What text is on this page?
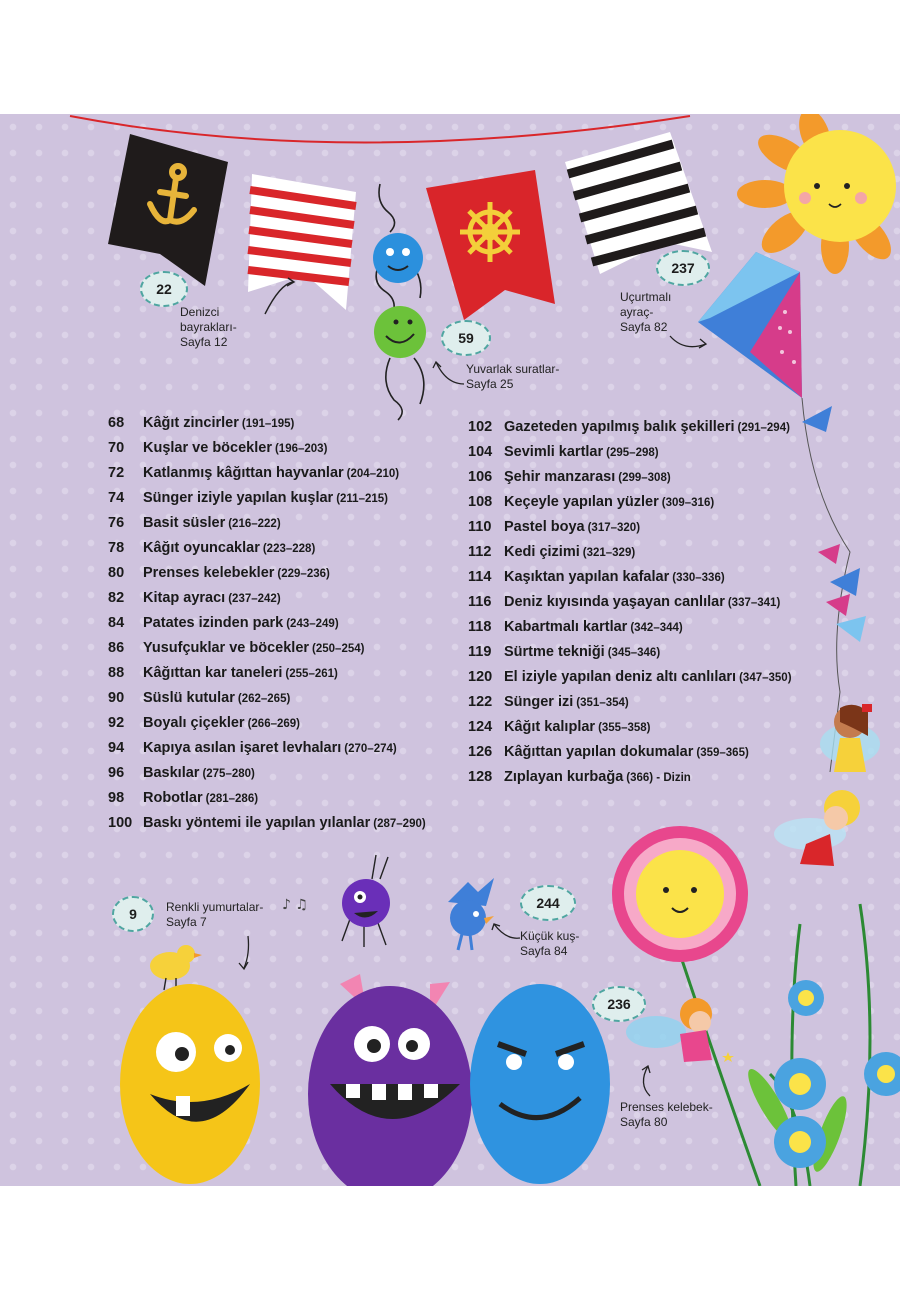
22
Denizci
bayrakları-
Sayfa 12	59
Yuvarlak suratlar-
Sayfa 25
237
Uçurtmalı
ayraç-
Sayfa 82
68 Kâğıt zincirler (191–195)
70 Kuşlar ve böcekler (196–203)
72 Katlanmış kâğıttan hayvanlar (204–210)
74 Sünger iziyle yapılan kuşlar (211–215)
76 Basit süsler (216–222)
78 Kâğıt oyuncaklar (223–228)
80 Prenses kelebekler (229–236)
82 Kitap ayracı (237–242)
84 Patates izinden park (243–249)
86 Yusufçuklar ve böcekler (250–254)
88 Kâğıttan kar taneleri (255–261)
90 Süslü kutular (262–265)
92 Boyalı çiçekler (266–269)
94 Kapıya asılan işaret levhaları (270–274)
96 Baskılar (275–280)
98 Robotlar (281–286)
100 Baskı yöntemi ile yapılan yılanlar (287–290)
102 Gazeteden yapılmış balık şekilleri (291–294)
104 Sevimli kartlar (295–298)
106 Şehir manzarası (299–308)
108 Keçeyle yapılan yüzler (309–316)
110 Pastel boya (317–320)
112 Kedi çizimi (321–329)
114 Kaşıktan yapılan kafalar (330–336)
116 Deniz kıyısında yaşayan canlılar (337–341)
118 Kabartmalı kartlar (342–344)
119 Sürtme tekniği (345–346)
120 El iziyle yapılan deniz altı canlıları (347–350)
122 Sünger izi (351–354)
124 Kâğıt kalıplar (355–358)
126 Kâğıttan yapılan dokumalar (359–365)
128 Zıplayan kurbağa (366) - Dizin
9	Renkli yumurtalar-
Sayfa 7
244
Küçük kuş-
Sayfa 84
236
Prenses kelebek-
Sayfa 80
♪ ♫
